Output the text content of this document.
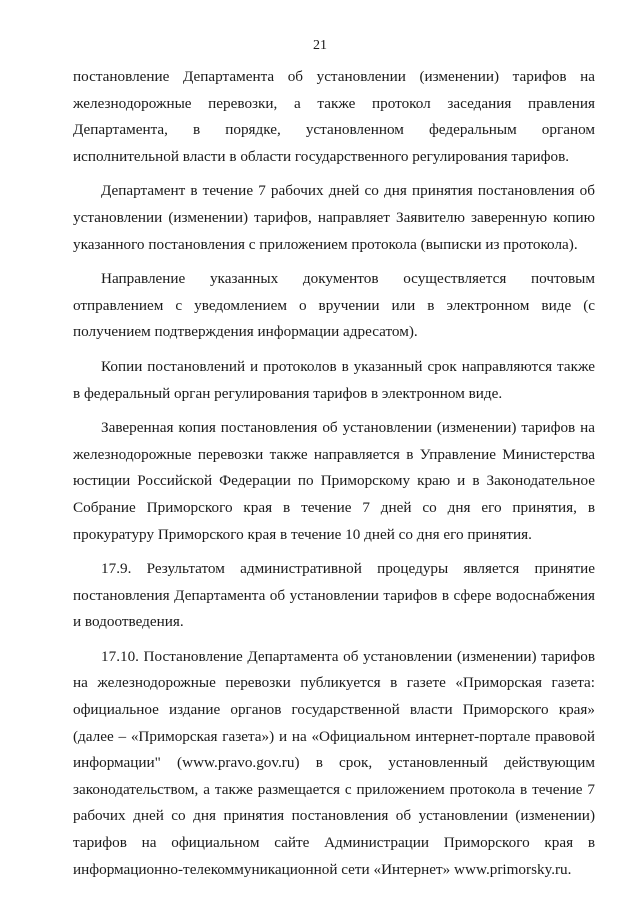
21

постановление Департамента об установлении (изменении) тарифов на железнодорожные перевозки, а также протокол заседания правления Департамента, в порядке, установленном федеральным органом исполнительной власти в области государственного регулирования тарифов.

Департамент в течение 7 рабочих дней со дня принятия постановления об установлении (изменении) тарифов, направляет Заявителю заверенную копию указанного постановления с приложением протокола (выписки из протокола).

Направление указанных документов осуществляется почтовым отправлением с уведомлением о вручении или в электронном виде (с получением подтверждения информации адресатом).

Копии постановлений и протоколов в указанный срок направляются также в федеральный орган регулирования тарифов в электронном виде.

Заверенная копия постановления об установлении (изменении) тарифов на железнодорожные перевозки также направляется в Управление Министерства юстиции Российской Федерации по Приморскому краю и в Законодательное Собрание Приморского края в течение 7 дней со дня его принятия, в прокуратуру Приморского края в течение 10 дней со дня его принятия.

17.9. Результатом административной процедуры является принятие постановления Департамента об установлении тарифов в сфере водоснабжения и водоотведения.

17.10. Постановление Департамента об установлении (изменении) тарифов на железнодорожные перевозки публикуется в газете «Приморская газета: официальное издание органов государственной власти Приморского края» (далее – «Приморская газета») и на «Официальном интернет-портале правовой информации" (www.pravo.gov.ru) в срок, установленный действующим законодательством, а также размещается с приложением протокола в течение 7 рабочих дней со дня принятия постановления об установлении (изменении) тарифов на официальном сайте Администрации Приморского края в информационно-телекоммуникационной сети «Интернет» www.primorsky.ru.
